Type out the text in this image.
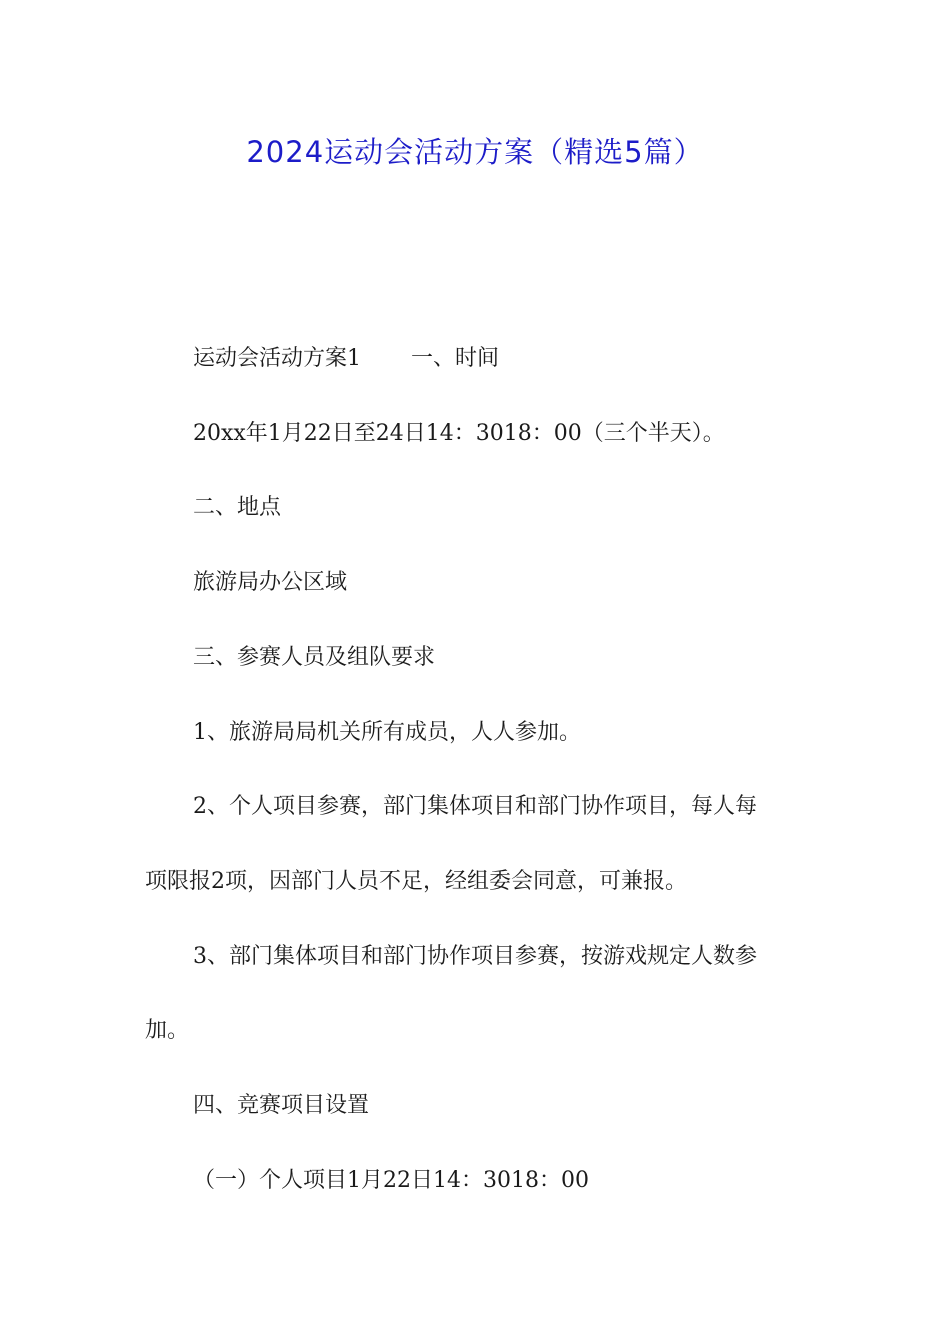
2024运动会活动方案（精选5篇）
运动会活动方案1 一、时间
20xx年1月22日至24日14：3018：00（三个半天）。
二、地点
旅游局办公区域
三、参赛人员及组队要求
1、旅游局局机关所有成员，人人参加。
2、个人项目参赛，部门集体项目和部门协作项目，每人每
项限报2项，因部门人员不足，经组委会同意，可兼报。
3、部门集体项目和部门协作项目参赛，按游戏规定人数参
加。
四、竞赛项目设置
（一）个人项目1月22日14：3018：00
